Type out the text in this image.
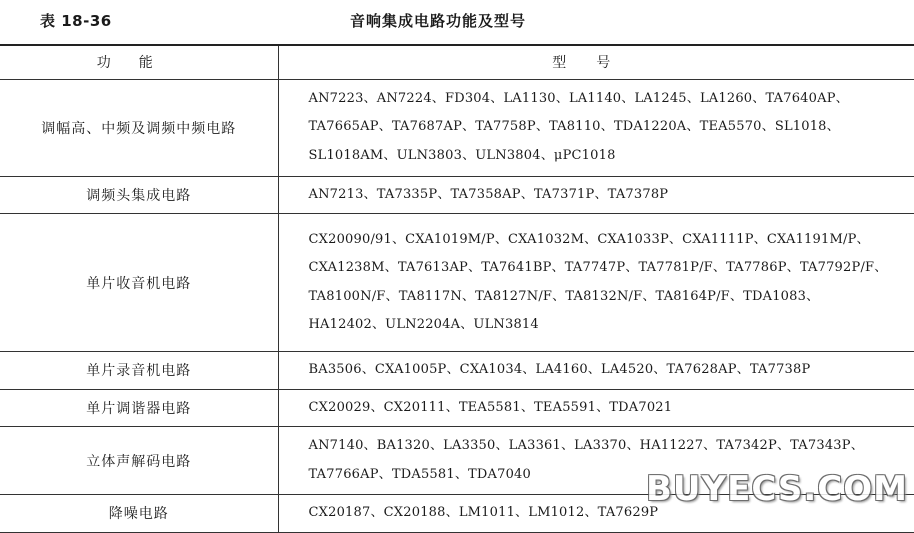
表 18-36	音响集成电路功能及型号
功能	型号
调幅高、中频及调频中频电路	AN7223、AN7224、FD304、LA1130、LA1140、LA1245、LA1260、TA7640AP、
TA7665AP、TA7687AP、TA7758P、TA8110、TDA1220A、TEA5570、SL1018、
SL1018AM、ULN3803、ULN3804、μPC1018

调频头集成电路	AN7213、TA7335P、TA7358AP、TA7371P、TA7378P

单片收音机电路	CX20090/91、CXA1019M/P、CXA1032M、CXA1033P、CXA1111P、CXA1191M/P、
CXA1238M、TA7613AP、TA7641BP、TA7747P、TA7781P/F、TA7786P、TA7792P/F、
TA8100N/F、TA8117N、TA8127N/F、TA8132N/F、TA8164P/F、TDA1083、
HA12402、ULN2204A、ULN3814

单片录音机电路	BA3506、CXA1005P、CXA1034、LA4160、LA4520、TA7628AP、TA7738P

单片调谐器电路	CX20029、CX20111、TEA5581、TEA5591、TDA7021

立体声解码电路	AN7140、BA1320、LA3350、LA3361、LA3370、HA11227、TA7342P、TA7343P、
TA7766AP、TDA5581、TDA7040

降噪电路	CX20187、CX20188、LM1011、LM1012、TA7629P
BUYECS.COM
